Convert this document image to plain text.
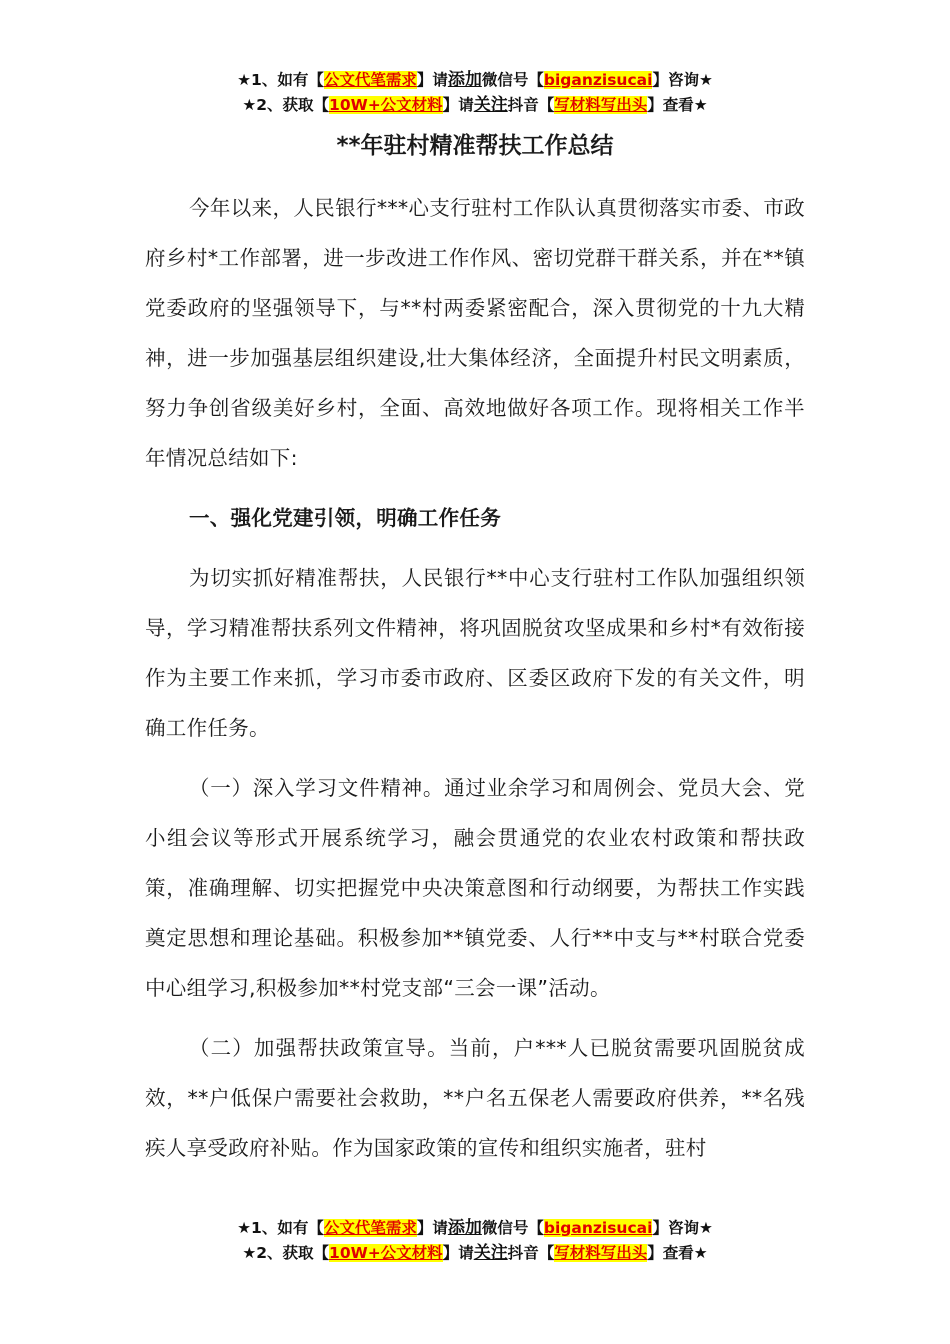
★1、如有【公文代笔需求】请添加微信号【biganzisucai】咨询★
★2、获取【10W+公文材料】请关注抖音【写材料写出头】查看★
**年驻村精准帮扶工作总结

今年以来，人民银行***心支行驻村工作队认真贯彻落实市委、市政府乡村*工作部署，进一步改进工作作风、密切党群干群关系，并在**镇党委政府的坚强领导下，与**村两委紧密配合，深入贯彻党的十九大精神，进一步加强基层组织建设,壮大集体经济，全面提升村民文明素质，努力争创省级美好乡村，全面、高效地做好各项工作。现将相关工作半年情况总结如下:

一、强化党建引领，明确工作任务

为切实抓好精准帮扶，人民银行**中心支行驻村工作队加强组织领导，学习精准帮扶系列文件精神，将巩固脱贫攻坚成果和乡村*有效衔接作为主要工作来抓，学习市委市政府、区委区政府下发的有关文件，明确工作任务。

（一）深入学习文件精神。通过业余学习和周例会、党员大会、党小组会议等形式开展系统学习，融会贯通党的农业农村政策和帮扶政策，准确理解、切实把握党中央决策意图和行动纲要，为帮扶工作实践奠定思想和理论基础。积极参加**镇党委、人行**中支与**村联合党委中心组学习,积极参加**村党支部“三会一课”活动。

（二）加强帮扶政策宣导。当前，户***人已脱贫需要巩固脱贫成效，**户低保户需要社会救助，**户名五保老人需要政府供养，**名残疾人享受政府补贴。作为国家政策的宣传和组织实施者，驻村

★1、如有【公文代笔需求】请添加微信号【biganzisucai】咨询★
★2、获取【10W+公文材料】请关注抖音【写材料写出头】查看★
